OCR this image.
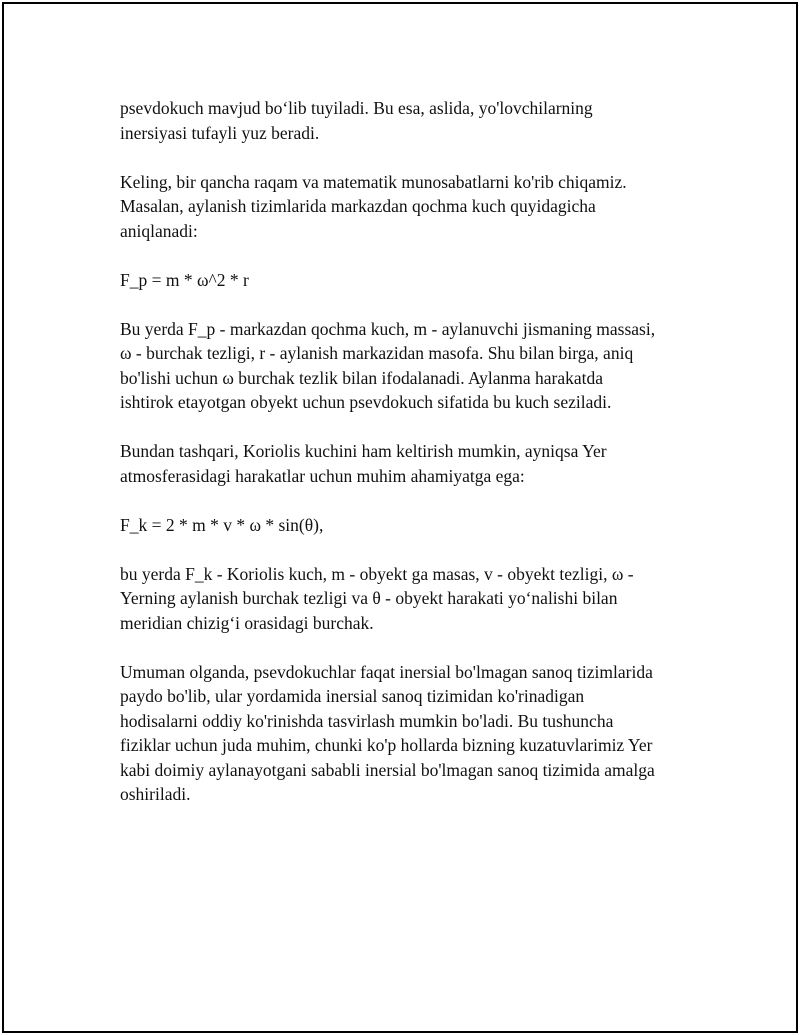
psevdokuch mavjud bo‘lib tuyiladi. Bu esa, aslida, yo'lovchilarning
inersiyasi tufayli yuz beradi.

Keling, bir qancha raqam va matematik munosabatlarni ko'rib chiqamiz.
Masalan, aylanish tizimlarida markazdan qochma kuch quyidagicha
aniqlanadi:

F_p = m * ω^2 * r

Bu yerda F_p - markazdan qochma kuch, m - aylanuvchi jismaning massasi,
ω - burchak tezligi, r - aylanish markazidan masofa. Shu bilan birga, aniq
bo'lishi uchun ω burchak tezlik bilan ifodalanadi. Aylanma harakatda
ishtirok etayotgan obyekt uchun psevdokuch sifatida bu kuch seziladi.

Bundan tashqari, Koriolis kuchini ham keltirish mumkin, ayniqsa Yer
atmosferasidagi harakatlar uchun muhim ahamiyatga ega:

F_k = 2 * m * v * ω * sin(θ),

bu yerda F_k - Koriolis kuch, m - obyekt ga masas, v - obyekt tezligi, ω -
Yerning aylanish burchak tezligi va θ - obyekt harakati yo‘nalishi bilan
meridian chizig‘i orasidagi burchak.

Umuman olganda, psevdokuchlar faqat inersial bo'lmagan sanoq tizimlarida
paydo bo'lib, ular yordamida inersial sanoq tizimidan ko'rinadigan
hodisalarni oddiy ko'rinishda tasvirlash mumkin bo'ladi. Bu tushuncha
fiziklar uchun juda muhim, chunki ko'p hollarda bizning kuzatuvlarimiz Yer
kabi doimiy aylanayotgani sababli inersial bo'lmagan sanoq tizimida amalga
oshiriladi.
